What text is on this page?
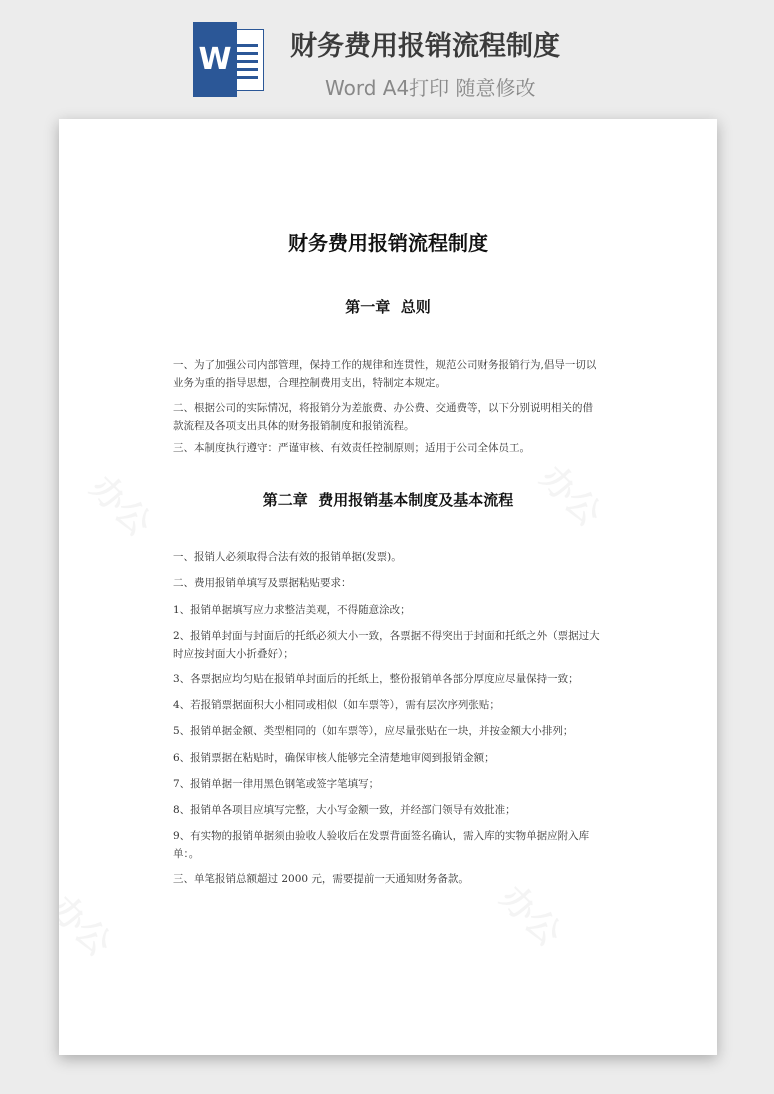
W 财务费用报销流程制度
Word A4打印 随意修改
财务费用报销流程制度
第一章  总则

一、为了加强公司内部管理，保持工作的规律和连贯性，规范公司财务报销行为,倡导一切以业务为重的指导思想，合理控制费用支出，特制定本规定。

二、根据公司的实际情况，将报销分为差旅费、办公费、交通费等，以下分别说明相关的借款流程及各项支出具体的财务报销制度和报销流程。

三、本制度执行遵守：严谨审核、有效责任控制原则；适用于公司全体员工。

第二章  费用报销基本制度及基本流程

一、报销人必须取得合法有效的报销单据(发票)。

二、费用报销单填写及票据粘贴要求：

1、报销单据填写应力求整洁美观，不得随意涂改；

2、报销单封面与封面后的托纸必须大小一致，各票据不得突出于封面和托纸之外（票据过大时应按封面大小折叠好）；

3、各票据应均匀贴在报销单封面后的托纸上，整份报销单各部分厚度应尽量保持一致；

4、若报销票据面积大小相同或相似（如车票等），需有层次序列张贴；

5、报销单据金额、类型相同的（如车票等），应尽量张贴在一块，并按金额大小排列；

6、报销票据在粘贴时，确保审核人能够完全清楚地审阅到报销金额；

7、报销单据一律用黑色钢笔或签字笔填写；

8、报销单各项目应填写完整，大小写金额一致，并经部门领导有效批准；

9、有实物的报销单据须由验收人验收后在发票背面签名确认，需入库的实物单据应附入库单：。

三、单笔报销总额超过 2000 元，需要提前一天通知财务备款。
